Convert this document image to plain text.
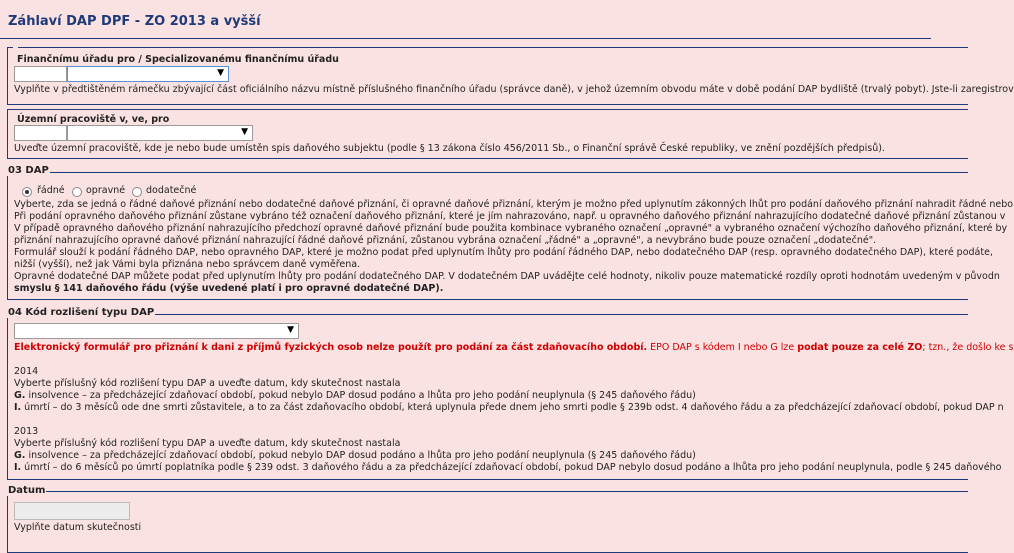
Záhlaví DAP DPF - ZO 2013 a vyšší

Finančnímu úřadu pro / Specializovanému finančnímu úřadu
▼
Vyplňte v předtištěném rámečku zbývající část oficiálního názvu místně příslušného finančního úřadu (správce daně), v jehož územním obvodu máte v době podání DAP bydliště (trvalý pobyt). Jste-li zaregistrov
Územní pracoviště v, ve, pro
▼
Uveďte územní pracoviště, kde je nebo bude umístěn spis daňového subjektu (podle § 13 zákona číslo 456/2011 Sb., o Finanční správě České republiky, ve znění pozdějších předpisů).
03 DAP
řádné opravné dodatečné
Vyberte, zda se jedná o řádné daňové přiznání nebo dodatečné daňové přiznání, či opravné daňové přiznání, kterým je možno před uplynutím zákonných lhůt pro podání daňového přiznání nahradit řádné nebo
Při podání opravného daňového přiznání zůstane vybráno též označení daňového přiznání, které je jím nahrazováno, např. u opravného daňového přiznání nahrazujícího dodatečné daňové přiznání zůstanou v
V případě opravného daňového přiznání nahrazujícího předchozí opravné daňové přiznání bude použita kombinace vybraného označení „opravné" a vybraného označení výchozího daňového přiznání, které by
přiznání nahrazujícího opravné daňové přiznání nahrazující řádné daňové přiznání, zůstanou vybrána označení „řádné" a „opravné", a nevybráno bude pouze označení „dodatečné".
Formulář slouží k podání řádného DAP, nebo opravného DAP, které je možno podat před uplynutím lhůty pro podání řádného DAP, nebo dodatečného DAP (resp. opravného dodatečného DAP), které podáte,
nižší (vyšší), než jak Vámi byla přiznána nebo správcem daně vyměřena.
Opravné dodatečné DAP můžete podat před uplynutím lhůty pro podání dodatečného DAP. V dodatečném DAP uvádějte celé hodnoty, nikoliv pouze matematické rozdíly oproti hodnotám uvedeným v původn
smyslu § 141 daňového řádu (výše uvedené platí i pro opravné dodatečné DAP).
04 Kód rozlišení typu DAP
▼
Elektronický formulář pro přiznání k dani z příjmů fyzických osob nelze použít pro podání za část zdaňovacího období. EPO DAP s kódem I nebo G lze podat pouze za celé ZO; tzn., že došlo ke s
2014
Vyberte příslušný kód rozlišení typu DAP a uveďte datum, kdy skutečnost nastala
G. insolvence – za předcházející zdaňovací období, pokud nebylo DAP dosud podáno a lhůta pro jeho podání neuplynula (§ 245 daňového řádu)
I. úmrtí – do 3 měsíců ode dne smrti zůstavitele, a to za část zdaňovacího období, která uplynula přede dnem jeho smrti podle § 239b odst. 4 daňového řádu a za předcházející zdaňovací období, pokud DAP n
2013
Vyberte příslušný kód rozlišení typu DAP a uveďte datum, kdy skutečnost nastala
G. insolvence – za předcházející zdaňovací období, pokud nebylo DAP dosud podáno a lhůta pro jeho podání neuplynula (§ 245 daňového řádu)
I. úmrtí – do 6 měsíců po úmrtí poplatníka podle § 239 odst. 3 daňového řádu a za předcházející zdaňovací období, pokud DAP nebylo dosud podáno a lhůta pro jeho podání neuplynula, podle § 245 daňového
Datum
Vyplňte datum skutečnosti
